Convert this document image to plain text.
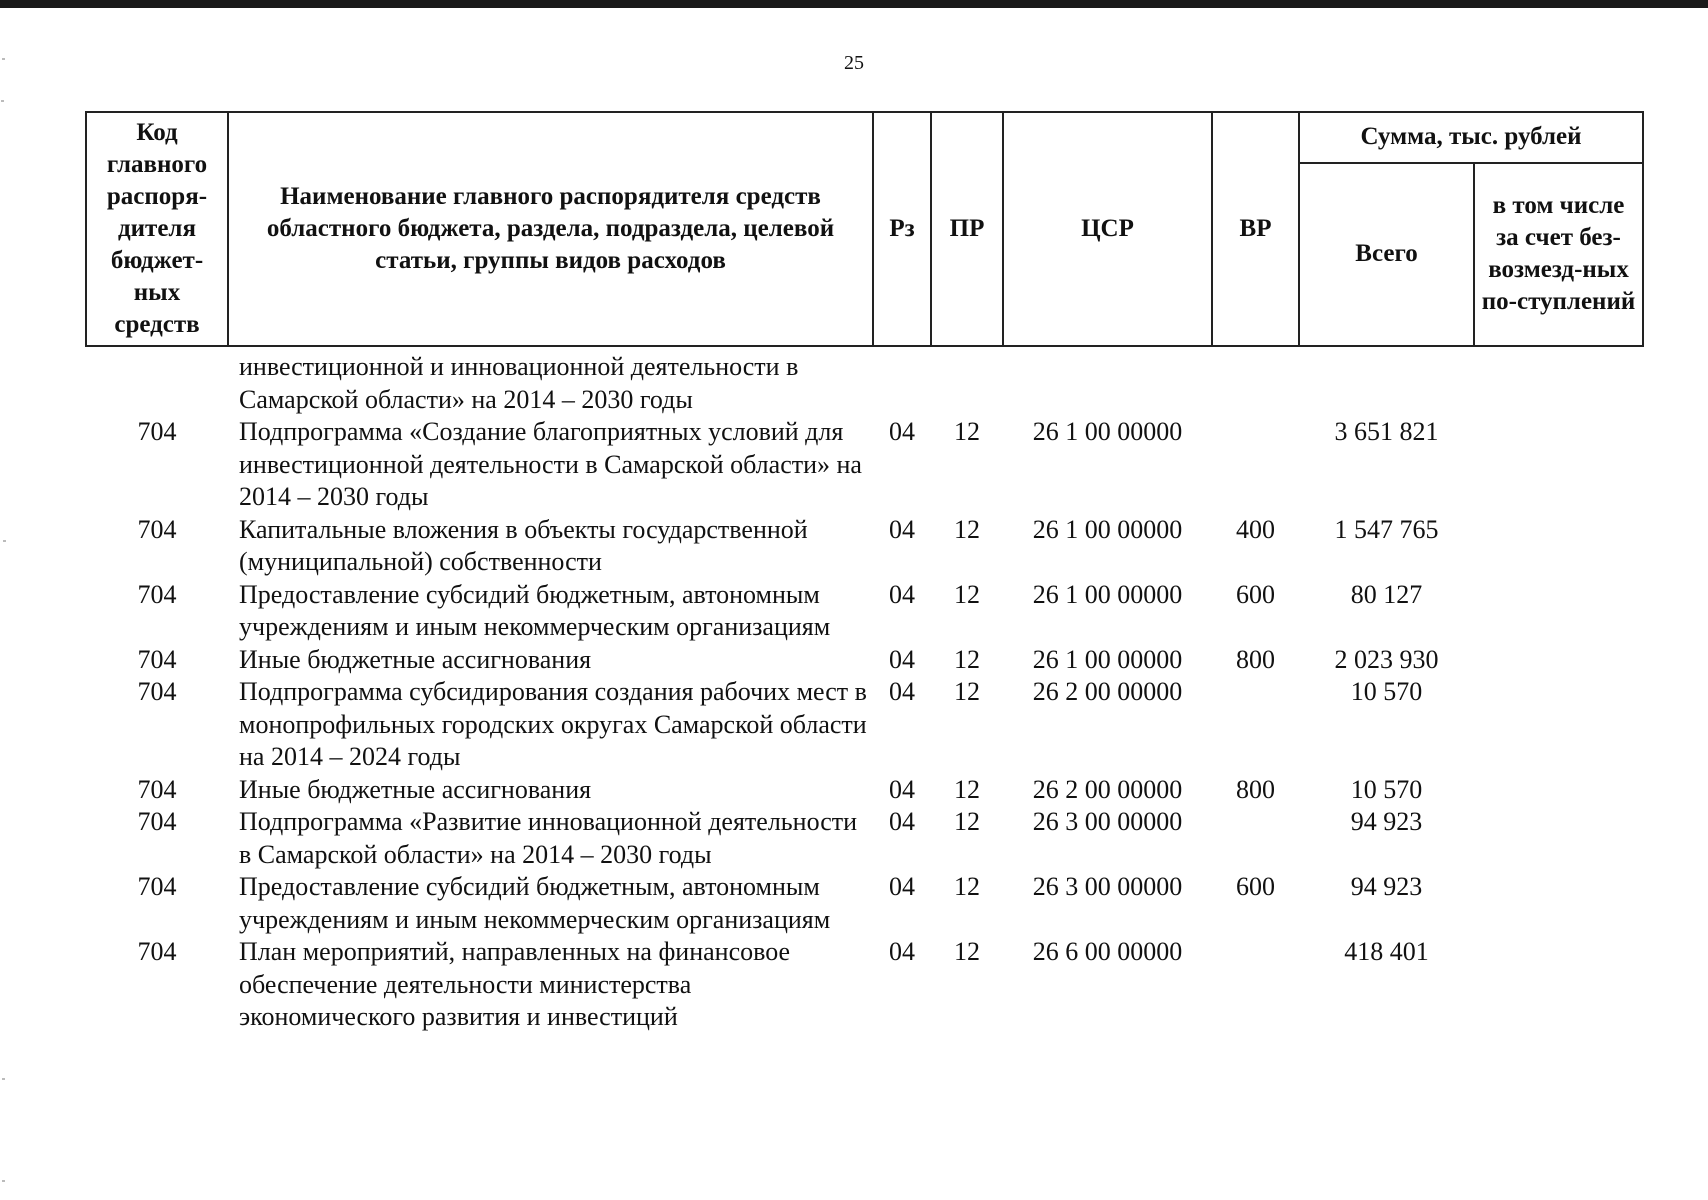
25
Код главного распоря-дителя бюджет-ных средств	Наименование главного распорядителя средств областного бюджета, раздела, подраздела, целевой статьи, группы видов расходов	Рз	ПР	ЦСР	ВР	Сумма, тыс. рублей	
						Всего	в том числе за счет без-возмезд-ных по-ступлений
	инвестиционной и инновационной деятельности в Самарской области» на 2014 – 2030 годы						
704	Подпрограмма «Создание благоприятных условий для инвестиционной деятельности в Самарской области» на 2014 – 2030 годы	04	12	26 1 00 00000		3 651 821	
704	Капитальные вложения в объекты государственной (муниципальной) собственности	04	12	26 1 00 00000	400	1 547 765	
704	Предоставление субсидий бюджетным, автономным учреждениям и иным некоммерческим организациям	04	12	26 1 00 00000	600	80 127	
704	Иные бюджетные ассигнования	04	12	26 1 00 00000	800	2 023 930	
704	Подпрограмма субсидирования создания рабочих мест в монопрофильных городских округах Самарской области на 2014 – 2024 годы	04	12	26 2 00 00000		10 570	
704	Иные бюджетные ассигнования	04	12	26 2 00 00000	800	10 570	
704	Подпрограмма «Развитие инновационной деятельности в Самарской области» на 2014 – 2030 годы	04	12	26 3 00 00000		94 923	
704	Предоставление субсидий бюджетным, автономным учреждениям и иным некоммерческим организациям	04	12	26 3 00 00000	600	94 923	
704	План мероприятий, направленных на финансовое обеспечение деятельности министерства экономического развития и инвестиций	04	12	26 6 00 00000		418 401	
